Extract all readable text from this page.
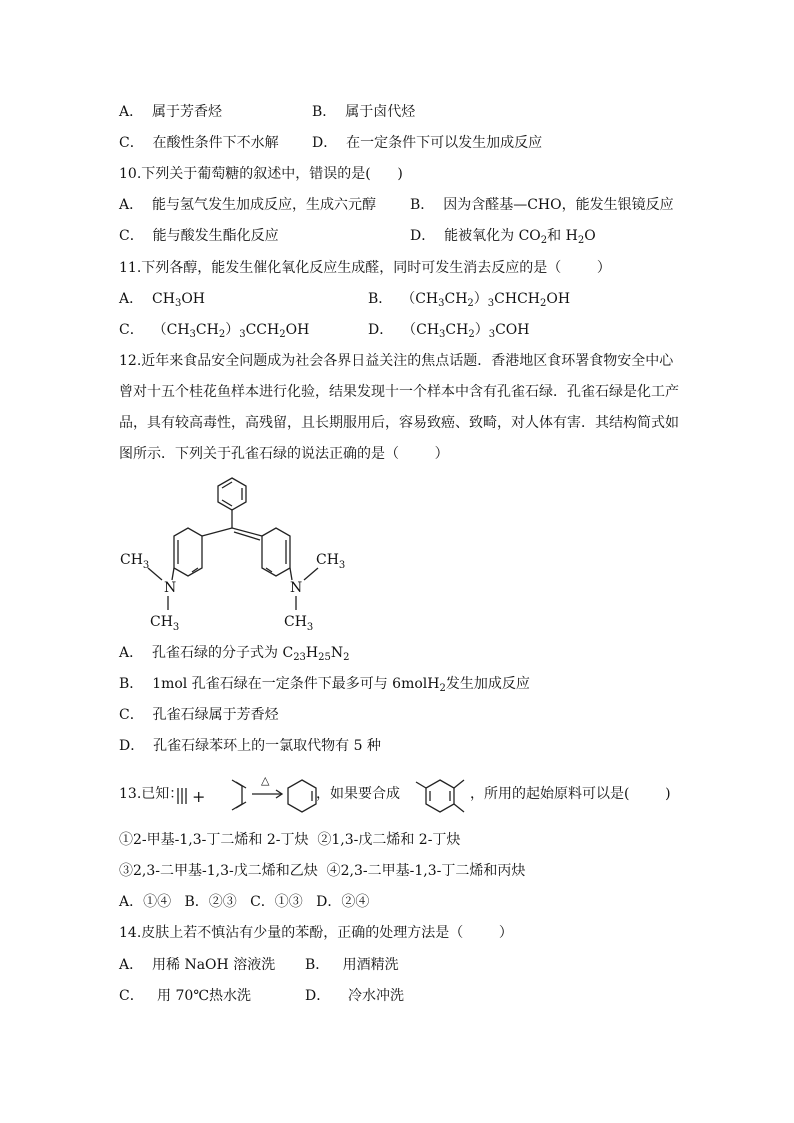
A．  属于芳香烃	B．  属于卤代烃
C．  在酸性条件下不水解 D．  在一定条件下可以发生加成反应
10.下列关于葡萄糖的叙述中，错误的是(      )
A．  能与氢气发生加成反应，生成六元醇 B．  因为含醛基—CHO，能发生银镜反应
C．  能与酸发生酯化反应	D．  能被氧化为 $CO_2$和 $H_2O$
11.下列各醇，能发生催化氧化反应生成醛，同时可发生消去反应的是（        ）
A．  $CH_3OH$	B．  $(CH_3CH_2)_3CHCH_2OH$
C．  $(CH_3CH_2)_3CCH_2OH$	D．  $(CH_3CH_2)_3COH$
12.近年来食品安全问题成为社会各界日益关注的焦点话题．香港地区食环署食物安全中心
曾对十五个桂花鱼样本进行化验，结果发现十一个样本中含有孔雀石绿．孔雀石绿是化工产
品，具有较高毒性，高残留，且长期服用后，容易致癌、致畸，对人体有害．其结构简式如
图所示．下列关于孔雀石绿的说法正确的是（        ）
N
$CH_3$
$CH_3$
N
$CH_3$
$CH_3$
A．  孔雀石绿的分子式为 $C_{23}H_{25}N_2$
B．  1mol 孔雀石绿在一定条件下最多可与 6molH$_2$发生加成反应
C．  孔雀石绿属于芳香烃
D．  孔雀石绿苯环上的一氯取代物有 5 种
13.已知： +
△
，如果要合成	，所用的起始原料可以是(        )
①2-甲基-1,3-丁二烯和 2-丁炔  ②1,3-戊二烯和 2-丁炔
③2,3-二甲基-1,3-戊二烯和乙炔  ④2,3-二甲基-1,3-丁二烯和丙炔
A．①④   B．②③   C．①③   D．②④
14.皮肤上若不慎沾有少量的苯酚，正确的处理方法是（        ）
A．  用稀 NaOH 溶液洗 B．   用酒精洗
C．   用 70℃热水洗	D．    冷水冲洗
